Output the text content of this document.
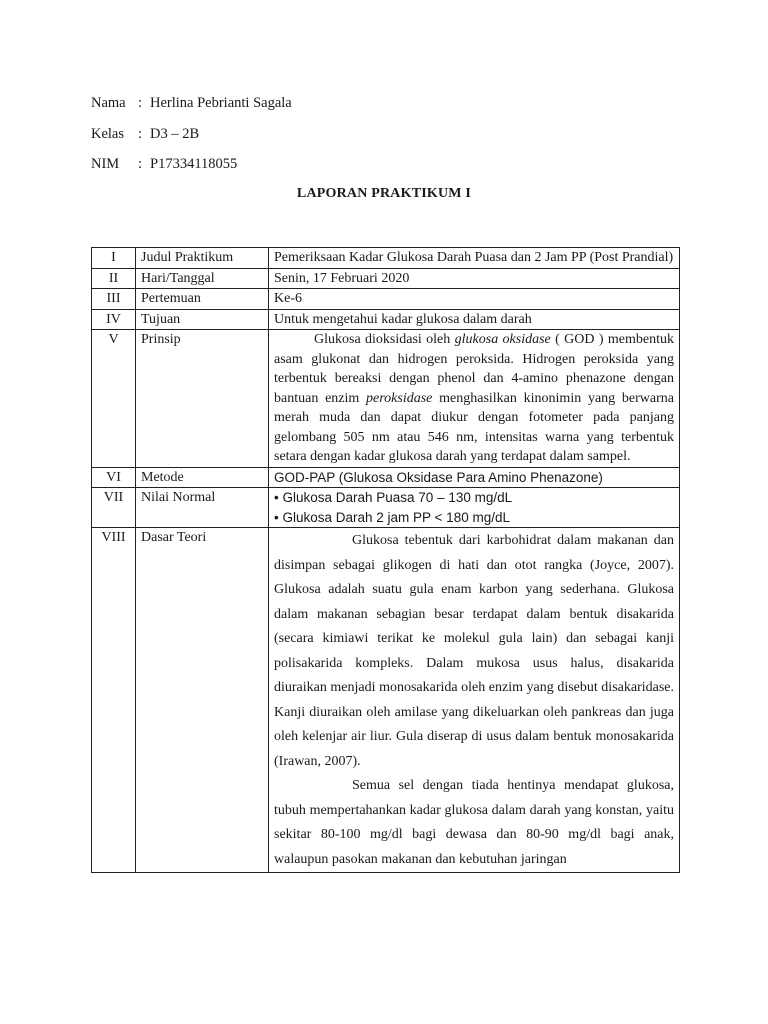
Nama : Herlina Pebrianti Sagala
Kelas : D3 – 2B
NIM : P17334118055
LAPORAN PRAKTIKUM I
I	Judul Praktikum	Pemeriksaan Kadar Glukosa Darah Puasa dan 2 Jam PP (Post Prandial)
II	Hari/Tanggal	Senin, 17 Februari 2020
III	Pertemuan	Ke-6
IV	Tujuan	Untuk mengetahui kadar glukosa dalam darah
V	Prinsip	Glukosa dioksidasi oleh glukosa oksidase ( GOD ) membentuk asam glukonat dan hidrogen peroksida. Hidrogen peroksida yang terbentuk bereaksi dengan phenol dan 4-amino phenazone dengan bantuan enzim peroksidase menghasilkan kinonimin yang berwarna merah muda dan dapat diukur dengan fotometer pada panjang gelombang 505 nm atau 546 nm, intensitas warna yang terbentuk setara dengan kadar glukosa darah yang terdapat dalam sampel.
VI	Metode	GOD-PAP (Glukosa Oksidase Para Amino Phenazone)
VII	Nilai Normal	• Glukosa Darah Puasa 70 – 130 mg/dL
• Glukosa Darah 2 jam PP < 180 mg/dL

VIII	Dasar Teori	Glukosa tebentuk dari karbohidrat dalam makanan dan disimpan sebagai glikogen di hati dan otot rangka (Joyce, 2007). Glukosa adalah suatu gula enam karbon yang sederhana. Glukosa dalam makanan sebagian besar terdapat dalam bentuk disakarida (secara kimiawi terikat ke molekul gula lain) dan sebagai kanji polisakarida kompleks. Dalam mukosa usus halus, disakarida diuraikan menjadi monosakarida oleh enzim yang disebut disakaridase. Kanji diuraikan oleh amilase yang dikeluarkan oleh pankreas dan juga oleh kelenjar air liur. Gula diserap di usus dalam bentuk monosakarida (Irawan, 2007).

Semua sel dengan tiada hentinya mendapat glukosa, tubuh mempertahankan kadar glukosa dalam darah yang konstan, yaitu sekitar 80-100 mg/dl bagi dewasa dan 80-90 mg/dl bagi anak, walaupun pasokan makanan dan kebutuhan jaringan
